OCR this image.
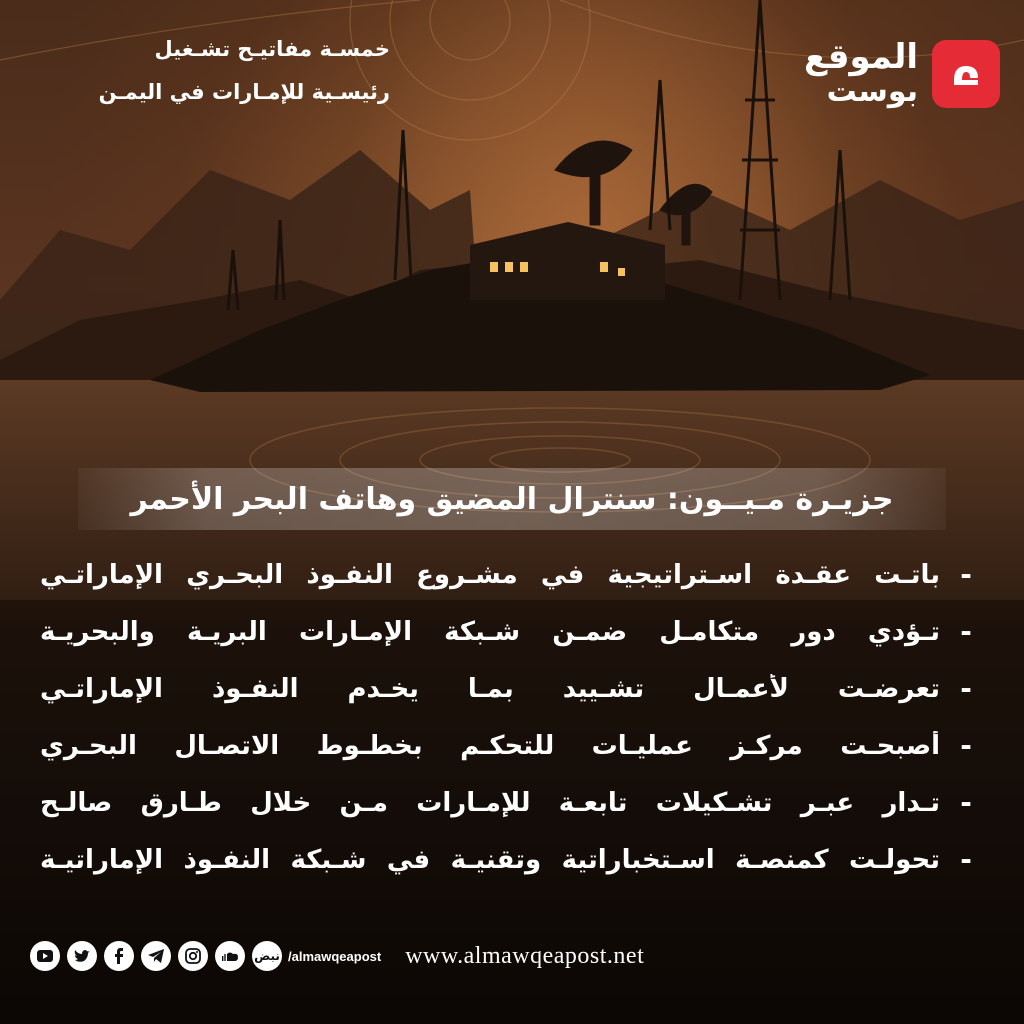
خمسـة مفاتيـح تشـغيل
رئيسـية للإمـارات في اليمـن
الموقع
بوست
جزيـرة مـيــون: سنترال المضيق وهاتف البحر الأحمر
-
باتـت عقـدة اسـتراتيجية في مشـروع النفـوذ البحـري الإماراتـي
-
تـؤدي دور متكامـل ضمـن شـبكة الإمـارات البريـة والبحريـة
-
تعرضـت لأعمـال تشـييد بمـا يخـدم النفـوذ الإماراتـي
-
أصبحـت مركـز عمليـات للتحكـم بخطـوط الاتصـال البحـري
-
تـدار عبـر تشـكيلات تابعـة للإمـارات مـن خلال طـارق صالـح
-
تحولـت كمنصـة اسـتخباراتية وتقنيـة في شـبكة النفـوذ الإماراتيـة
نبض /almawqeapost www.almawqeapost.net
